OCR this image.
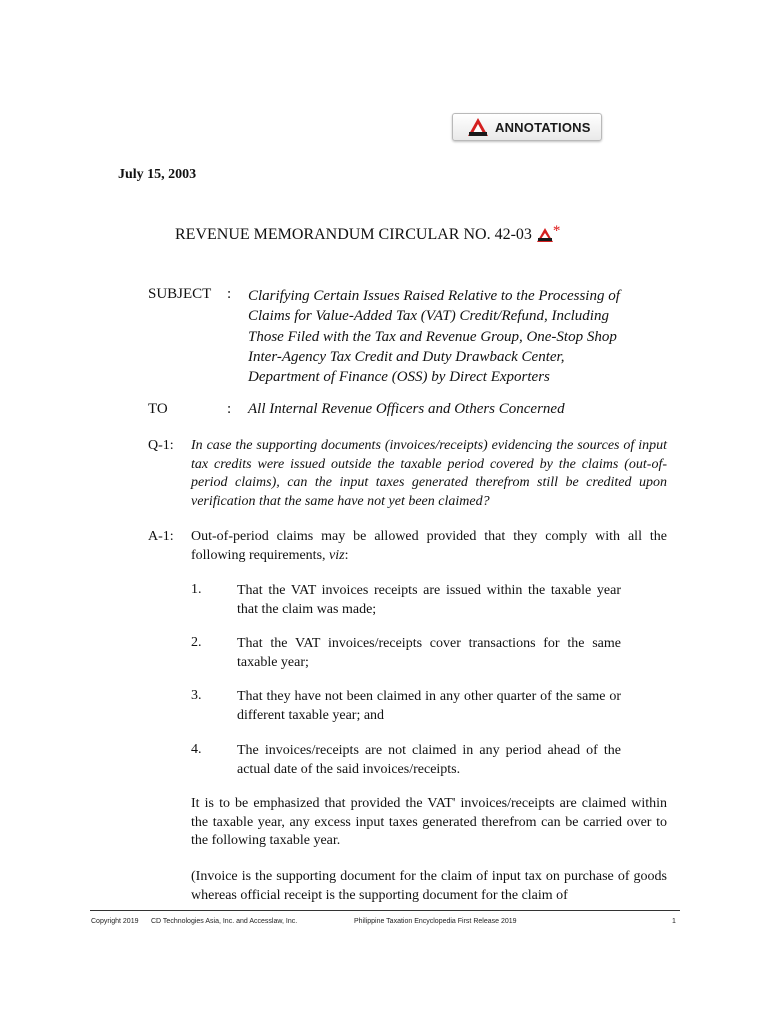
ANNOTATIONS
July 15, 2003
REVENUE MEMORANDUM CIRCULAR NO. 42-03 *
SUBJECT : Clarifying Certain Issues Raised Relative to the Processing of
Claims for Value-Added Tax (VAT) Credit/Refund, Including
Those Filed with the Tax and Revenue Group, One-Stop Shop
Inter-Agency Tax Credit and Duty Drawback Center,
Department of Finance (OSS) by Direct Exporters
TO	: All Internal Revenue Officers and Others Concerned
Q-1: In case the supporting documents (invoices/receipts) evidencing the sources of input tax credits were issued outside the taxable period covered by the claims (out-of-period claims), can the input taxes generated therefrom still be credited upon verification that the same have not yet been claimed?
A-1: Out-of-period claims may be allowed provided that they comply with all the following requirements, viz:
1.	That the VAT invoices receipts are issued within the taxable year that the claim was made;
2.	That the VAT invoices/receipts cover transactions for the same taxable year;
3.	That they have not been claimed in any other quarter of the same or different taxable year; and
4.	The invoices/receipts are not claimed in any period ahead of the actual date of the said invoices/receipts.
It is to be emphasized that provided the VAT' invoices/receipts are claimed within the taxable year, any excess input taxes generated therefrom can be carried over to the following taxable year.
(Invoice is the supporting document for the claim of input tax on purchase of goods whereas official receipt is the supporting document for the claim of
Copyright 2019 CD Technologies Asia, Inc. and Accesslaw, Inc.	Philippine Taxation Encyclopedia First Release 2019	1
